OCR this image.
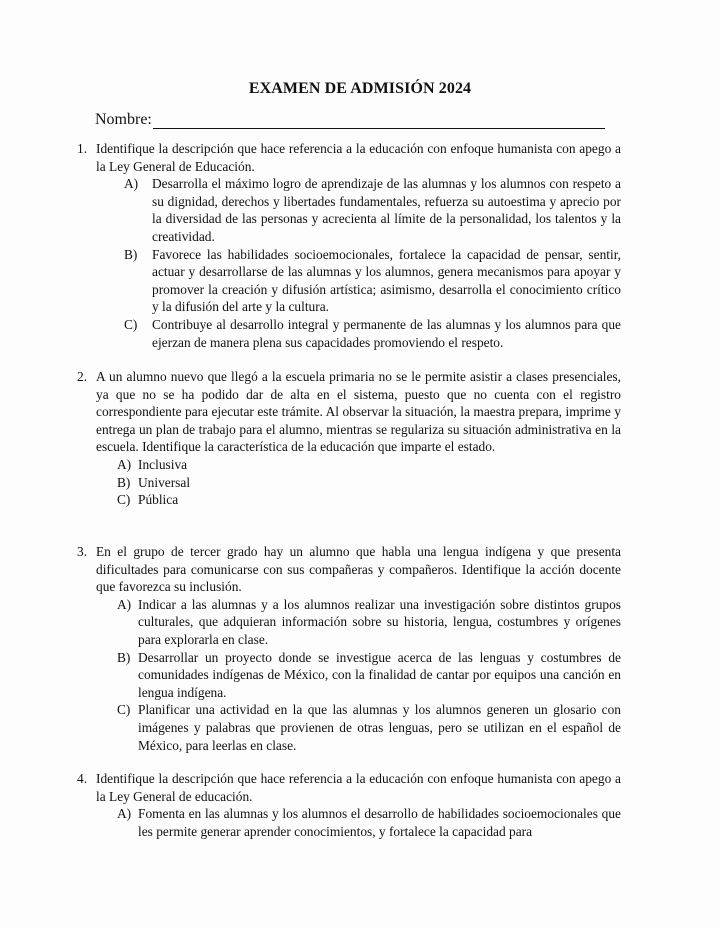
EXAMEN DE ADMISIÓN 2024
Nombre:
1. Identifique la descripción que hace referencia a la educación con enfoque humanista con apego a la Ley General de Educación.
A)	Desarrolla el máximo logro de aprendizaje de las alumnas y los alumnos con respeto a su dignidad, derechos y libertades fundamentales, refuerza su autoestima y aprecio por la diversidad de las personas y acrecienta al límite de la personalidad, los talentos y la creatividad.
B)	Favorece las habilidades socioemocionales, fortalece la capacidad de pensar, sentir, actuar y desarrollarse de las alumnas y los alumnos, genera mecanismos para apoyar y promover la creación y difusión artística; asimismo, desarrolla el conocimiento crítico y la difusión del arte y la cultura.
C)	Contribuye al desarrollo integral y permanente de las alumnas y los alumnos para que ejerzan de manera plena sus capacidades promoviendo el respeto.
2. A un alumno nuevo que llegó a la escuela primaria no se le permite asistir a clases presenciales, ya que no se ha podido dar de alta en el sistema, puesto que no cuenta con el registro correspondiente para ejecutar este trámite. Al observar la situación, la maestra prepara, imprime y entrega un plan de trabajo para el alumno, mientras se regulariza su situación administrativa en la escuela. Identifique la característica de la educación que imparte el estado.
A) Inclusiva
B) Universal
C) Pública
3. En el grupo de tercer grado hay un alumno que habla una lengua indígena y que presenta dificultades para comunicarse con sus compañeras y compañeros. Identifique la acción docente que favorezca su inclusión.
A) Indicar a las alumnas y a los alumnos realizar una investigación sobre distintos grupos culturales, que adquieran información sobre su historia, lengua, costumbres y orígenes para explorarla en clase.
B) Desarrollar un proyecto donde se investigue acerca de las lenguas y costumbres de comunidades indígenas de México, con la finalidad de cantar por equipos una canción en lengua indígena.
C) Planificar una actividad en la que las alumnas y los alumnos generen un glosario con imágenes y palabras que provienen de otras lenguas, pero se utilizan en el español de México, para leerlas en clase.
4. Identifique la descripción que hace referencia a la educación con enfoque humanista con apego a la Ley General de educación.
A) Fomenta en las alumnas y los alumnos el desarrollo de habilidades socioemocionales que les permite generar aprender conocimientos, y fortalece la capacidad para
